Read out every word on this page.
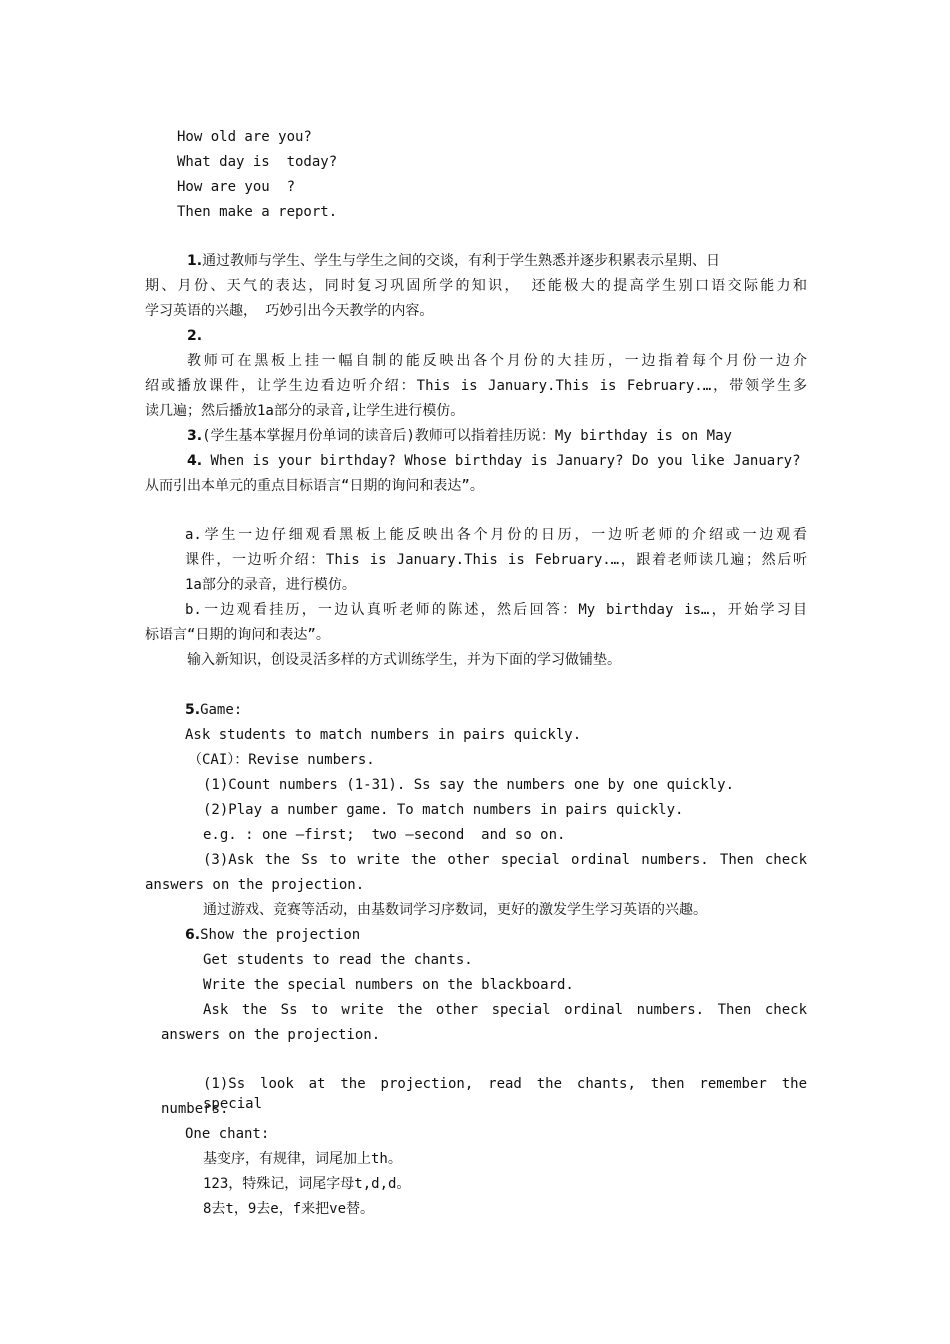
How old are you?
What day is  today?
How are you  ?
Then make a report.
1.通过教师与学生、学生与学生之间的交谈，有利于学生熟悉并逐步积累表示星期、日
期、月份、天气的表达，同时复习巩固所学的知识， 还能极大的提高学生别口语交际能力和
学习英语的兴趣， 巧妙引出今天教学的内容。
2.
教师可在黑板上挂一幅自制的能反映出各个月份的大挂历，一边指着每个月份一边介
绍或播放课件，让学生边看边听介绍：This is January.This is February.…，带领学生多
读几遍；然后播放1a部分的录音,让学生进行模仿。
3.(学生基本掌握月份单词的读音后)教师可以指着挂历说：My birthday is on May
4. When is your birthday? Whose birthday is January? Do you like January?
从而引出本单元的重点目标语言“日期的询问和表达”。
a.学生一边仔细观看黑板上能反映出各个月份的日历，一边听老师的介绍或一边观看
课件，一边听介绍：This is January.This is February.…，跟着老师读几遍；然后听
1a部分的录音，进行模仿。
b.一边观看挂历，一边认真听老师的陈述，然后回答：My birthday is…，开始学习目
标语言“日期的询问和表达”。
输入新知识，创设灵活多样的方式训练学生，并为下面的学习做铺垫。
5.Game:
Ask students to match numbers in pairs quickly.
（CAI）：Revise numbers.
(1)Count numbers (1-31). Ss say the numbers one by one quickly.
(2)Play a number game. To match numbers in pairs quickly.
e.g. : one —first;  two —second  and so on.
(3)Ask the Ss to write the other special ordinal numbers. Then check
answers on the projection.
通过游戏、竞赛等活动，由基数词学习序数词，更好的激发学生学习英语的兴趣。
6.Show the projection
Get students to read the chants.
Write the special numbers on the blackboard.
Ask the Ss to write the other special ordinal numbers. Then check
answers on the projection.
(1)Ss look at the projection, read the chants, then remember the special
numbers.
One chant:
基变序，有规律，词尾加上th。
123，特殊记，词尾字母t,d,d。
8去t，9去e，f来把ve替。
